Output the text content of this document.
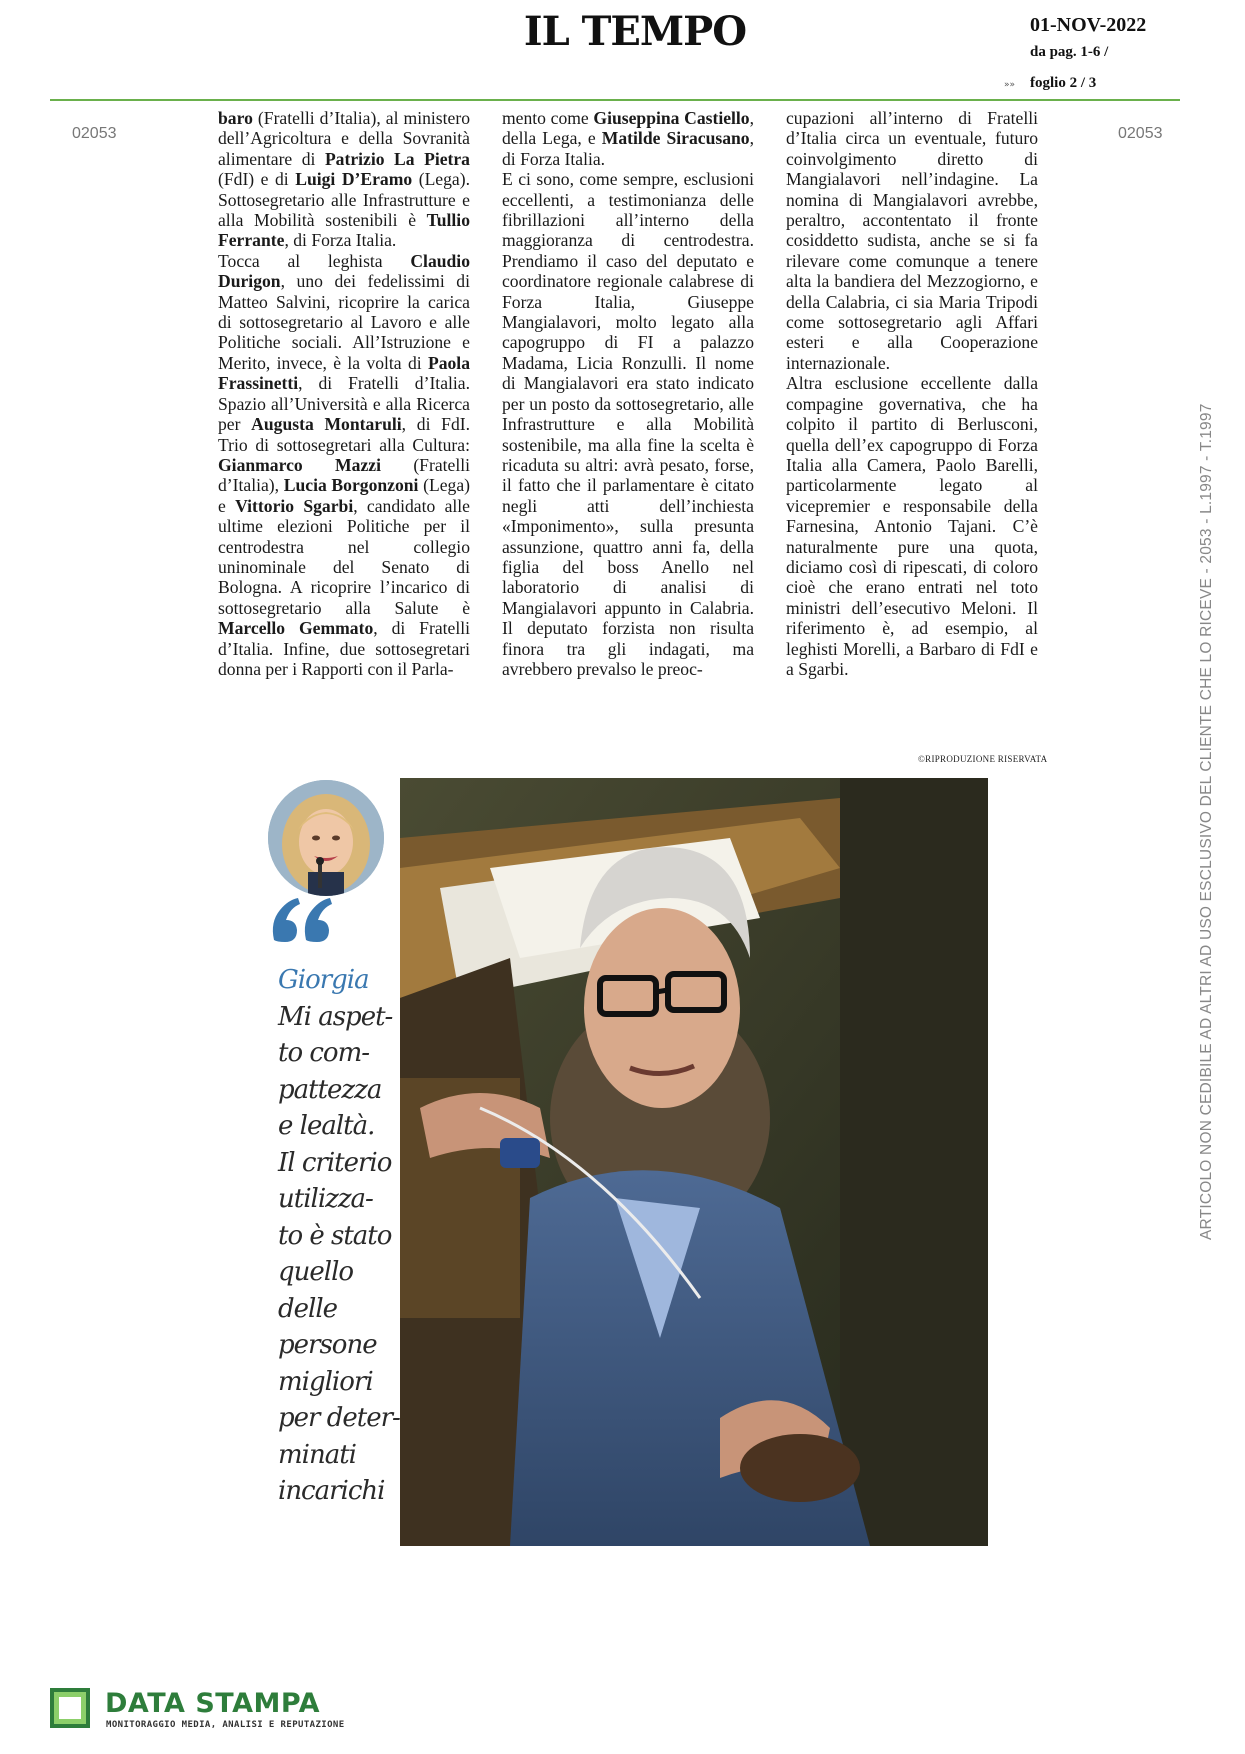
IL TEMPO	01-NOV-2022
da pag. 1-6 /
»» foglio 2 / 3
02053	02053

baro (Fratelli d’Italia), al ministero dell’Agricoltura e della Sovranità alimentare di Patrizio La Pietra (FdI) e di Luigi D’Eramo (Lega). Sottosegretario alle Infrastrutture e alla Mobilità sostenibili è Tullio Ferrante, di Forza Italia.

Tocca al leghista Claudio Durigon, uno dei fedelissimi di Matteo Salvini, ricoprire la carica di sottosegretario al Lavoro e alle Politiche sociali. All’Istruzione e Merito, invece, è la volta di Paola Frassinetti, di Fratelli d’Italia. Spazio all’Università e alla Ricerca per Augusta Montaruli, di FdI. Trio di sottosegretari alla Cultura: Gianmarco Mazzi (Fratelli d’Italia), Lucia Borgonzoni (Lega) e Vittorio Sgarbi, candidato alle ultime elezioni Politiche per il centrodestra nel collegio uninominale del Senato di Bologna. A ricoprire l’incarico di sottosegretario alla Salute è Marcello Gemmato, di Fratelli d’Italia. Infine, due sottosegretari donna per i Rapporti con il Parla-

mento come Giuseppina Castiello, della Lega, e Matilde Siracusano, di Forza Italia.

E ci sono, come sempre, esclusioni eccellenti, a testimonianza delle fibrillazioni all’interno della maggioranza di centrodestra. Prendiamo il caso del deputato e coordinatore regionale calabrese di Forza Italia, Giuseppe Mangialavori, molto legato alla capogruppo di FI a palazzo Madama, Licia Ronzulli. Il nome di Mangialavori era stato indicato per un posto da sottosegretario, alle Infrastrutture e alla Mobilità sostenibile, ma alla fine la scelta è ricaduta su altri: avrà pesato, forse, il fatto che il parlamentare è citato negli atti dell’inchiesta «Imponimento», sulla presunta assunzione, quattro anni fa, della figlia del boss Anello nel laboratorio di analisi di Mangialavori appunto in Calabria. Il deputato forzista non risulta finora tra gli indagati, ma avrebbero prevalso le preoc-

cupazioni all’interno di Fratelli d’Italia circa un eventuale, futuro coinvolgimento diretto di Mangialavori nell’indagine. La nomina di Mangialavori avrebbe, peraltro, accontentato il fronte cosiddetto sudista, anche se si fa rilevare come comunque a tenere alta la bandiera del Mezzogiorno, e della Calabria, ci sia Maria Tripodi come sottosegretario agli Affari esteri e alla Cooperazione internazionale.

Altra esclusione eccellente dalla compagine governativa, che ha colpito il partito di Berlusconi, quella dell’ex capogruppo di Forza Italia alla Camera, Paolo Barelli, particolarmente legato al vicepremier e responsabile della Farnesina, Antonio Tajani. C’è naturalmente pure una quota, diciamo così di ripescati, di coloro cioè che erano entrati nel toto ministri dell’esecutivo Meloni. Il riferimento è, ad esempio, al leghisti Morelli, a Barbaro di FdI e a Sgarbi.

©RIPRODUZIONE RISERVATA
Giorgia
Mi aspet-
to com-
pattezza
e lealtà.
Il criterio
utilizza-
to è stato
quello
delle
persone
migliori
per deter-
minati
incarichi
ARTICOLO NON CEDIBILE AD ALTRI AD USO ESCLUSIVO DEL CLIENTE CHE LO RICEVE - 2053 - L.1997 - T.1997
DATA STAMPA
MONITORAGGIO MEDIA, ANALISI E REPUTAZIONE
